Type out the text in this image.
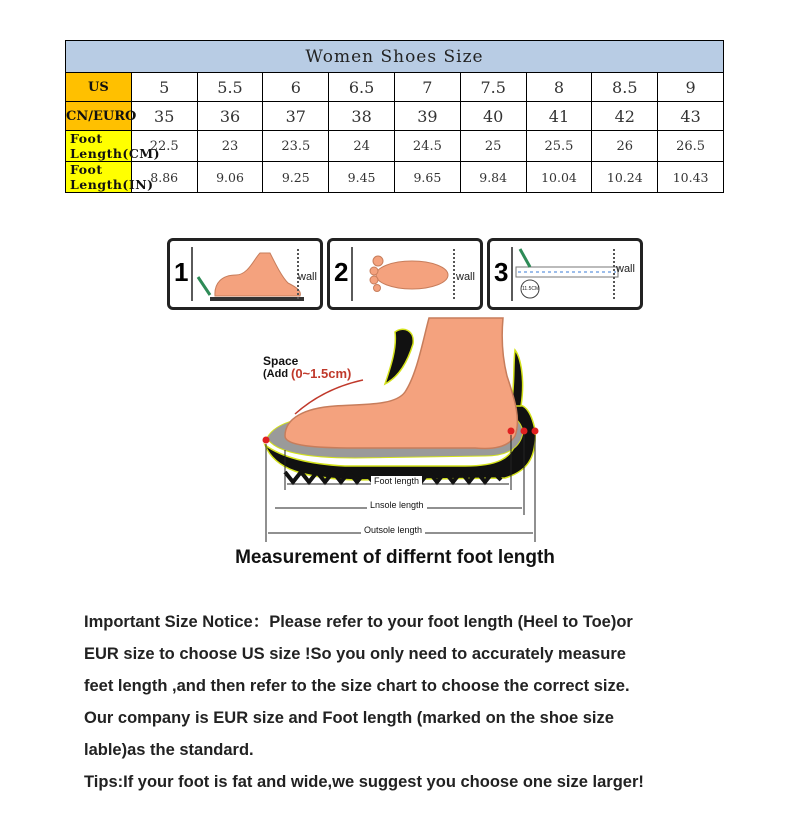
Women Shoes Size									
US	5	5.5	6	6.5	7	7.5	8	8.5	9
CN/EURO	35	36	37	38	39	40	41	42	43
Foot Length(CM)	22.5	23	23.5	24	24.5	25	25.5	26	26.5
Foot Length(IN)	8.86	9.06	9.25	9.45	9.65	9.84	10.04	10.24	10.43
1	wall 2	wall 3
11.5CM
wall
Space
(Add (0~1.5cm)
Foot length
Lnsole length
Outsole length
Measurement of differnt foot length

Important Size Notice：Please refer to your foot length (Heel to Toe)or

EUR size to choose US size !So you only need to accurately measure

feet length ,and then refer to the size chart to choose the correct size.

Our company is EUR size and Foot length (marked on the shoe size

lable)as the standard.

Tips:If your foot is fat and wide,we suggest you choose one size larger!
